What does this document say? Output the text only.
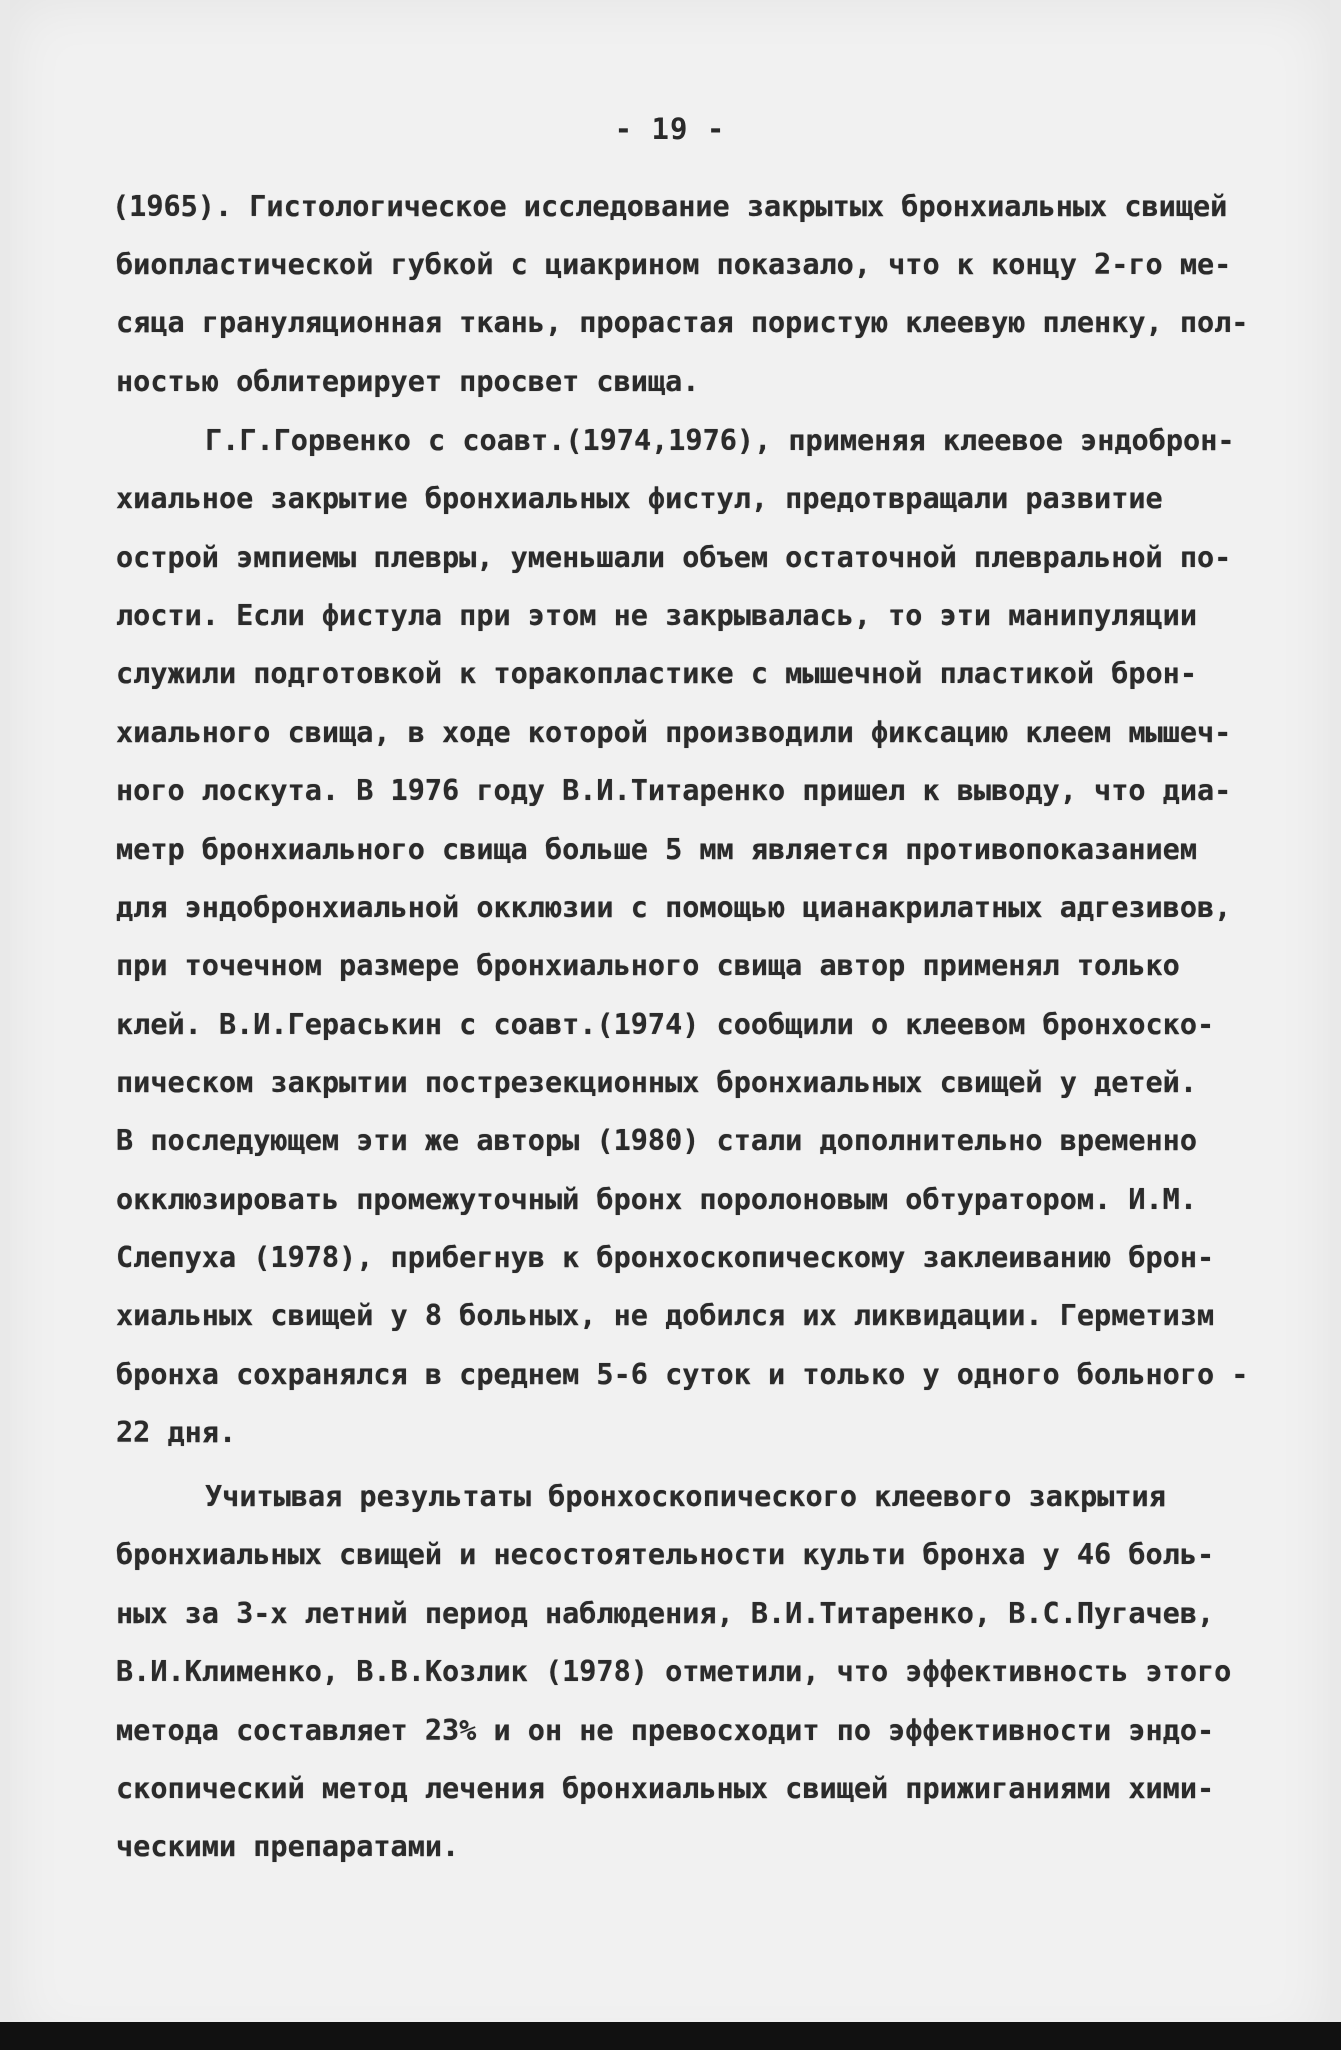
- 19 -
(1965). Гистологическое исследование закрытых бронхиальных свищей
биопластической губкой с циакрином показало, что к концу 2-го ме-
сяца грануляционная ткань, прорастая пористую клеевую пленку, пол-
ностью облитерирует просвет свища.
Г.Г.Горвенко с соавт.(1974,1976), применяя клеевое эндоброн-
хиальное закрытие бронхиальных фистул, предотвращали развитие
острой эмпиемы плевры, уменьшали объем остаточной плевральной по-
лости. Если фистула при этом не закрывалась, то эти манипуляции
служили подготовкой к торакопластике с мышечной пластикой брон-
хиального свища, в ходе которой производили фиксацию клеем мышеч-
ного лоскута. В 1976 году В.И.Титаренко пришел к выводу, что диа-
метр бронхиального свища больше 5 мм является противопоказанием
для эндобронхиальной окклюзии с помощью цианакрилатных адгезивов,
при точечном размере бронхиального свища автор применял только
клей. В.И.Гераськин с соавт.(1974) сообщили о клеевом бронхоско-
пическом закрытии пострезекционных бронхиальных свищей у детей.
В последующем эти же авторы (1980) стали дополнительно временно
окклюзировать промежуточный бронх поролоновым обтуратором. И.М.
Слепуха (1978), прибегнув к бронхоскопическому заклеиванию брон-
хиальных свищей у 8 больных, не добился их ликвидации. Герметизм
бронха сохранялся в среднем 5-6 суток и только у одного больного -
22 дня.
Учитывая результаты бронхоскопического клеевого закрытия
бронхиальных свищей и несостоятельности культи бронха у 46 боль-
ных за 3-х летний период наблюдения, В.И.Титаренко, В.С.Пугачев,
В.И.Клименко, В.В.Козлик (1978) отметили, что эффективность этого
метода составляет 23% и он не превосходит по эффективности эндо-
скопический метод лечения бронхиальных свищей прижиганиями хими-
ческими препаратами.
